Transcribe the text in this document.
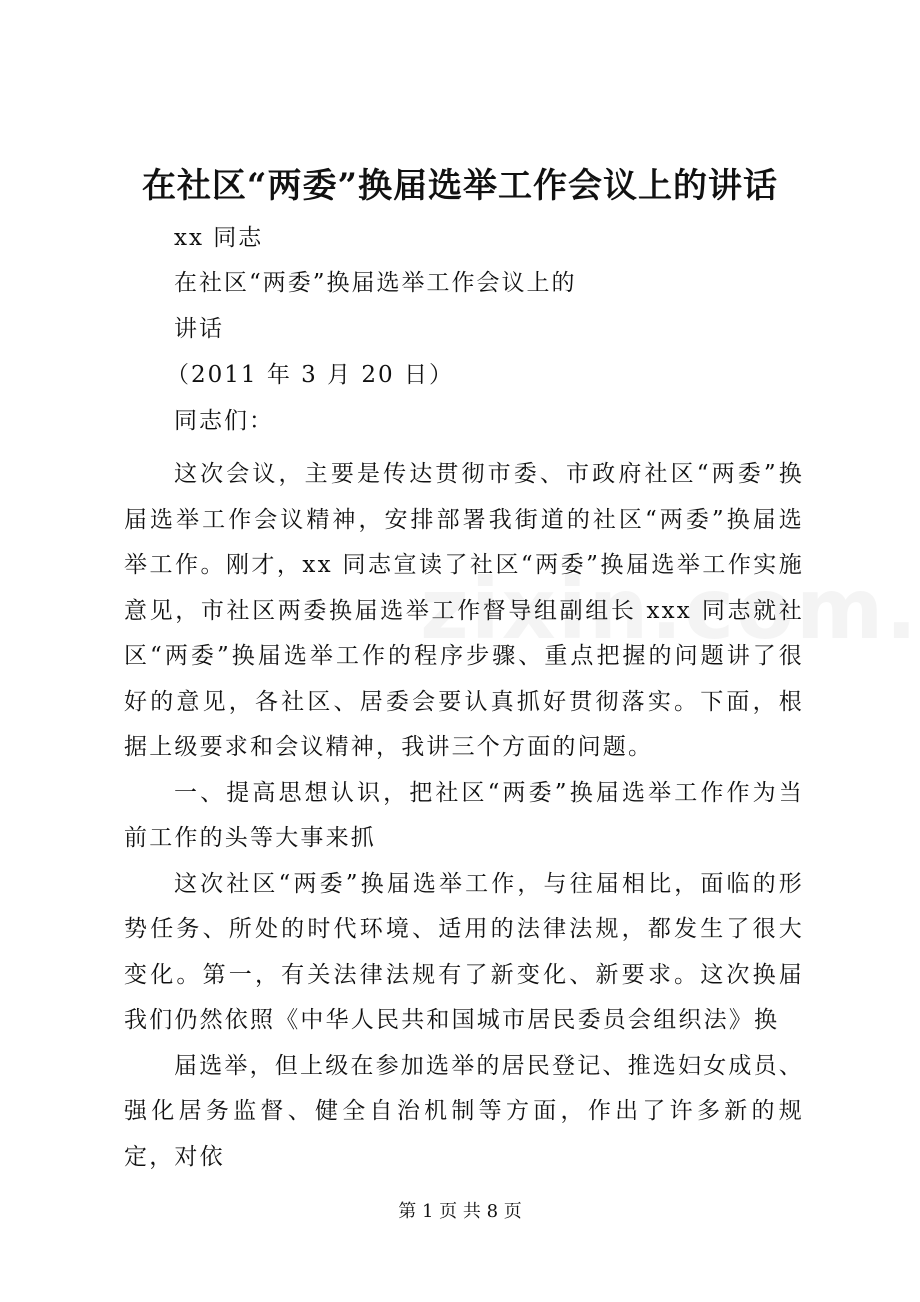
在社区“两委”换届选举工作会议上的讲话
xx 同志
在社区“两委”换届选举工作会议上的
讲话
（2011 年 3 月 20 日）
同志们：

这次会议，主要是传达贯彻市委、市政府社区“两委”换届选举工作会议精神，安排部署我街道的社区“两委”换届选举工作。刚才，xx 同志宣读了社区“两委”换届选举工作实施意见，市社区两委换届选举工作督导组副组长 xxx 同志就社区“两委”换届选举工作的程序步骤、重点把握的问题讲了很好的意见，各社区、居委会要认真抓好贯彻落实。下面，根据上级要求和会议精神，我讲三个方面的问题。

一、提高思想认识，把社区“两委”换届选举工作作为当前工作的头等大事来抓

这次社区“两委”换届选举工作，与往届相比，面临的形势任务、所处的时代环境、适用的法律法规，都发生了很大变化。第一，有关法律法规有了新变化、新要求。这次换届我们仍然依照《中华人民共和国城市居民委员会组织法》换

届选举，但上级在参加选举的居民登记、推选妇女成员、强化居务监督、健全自治机制等方面，作出了许多新的规定，对依

第 1 页 共 8 页
